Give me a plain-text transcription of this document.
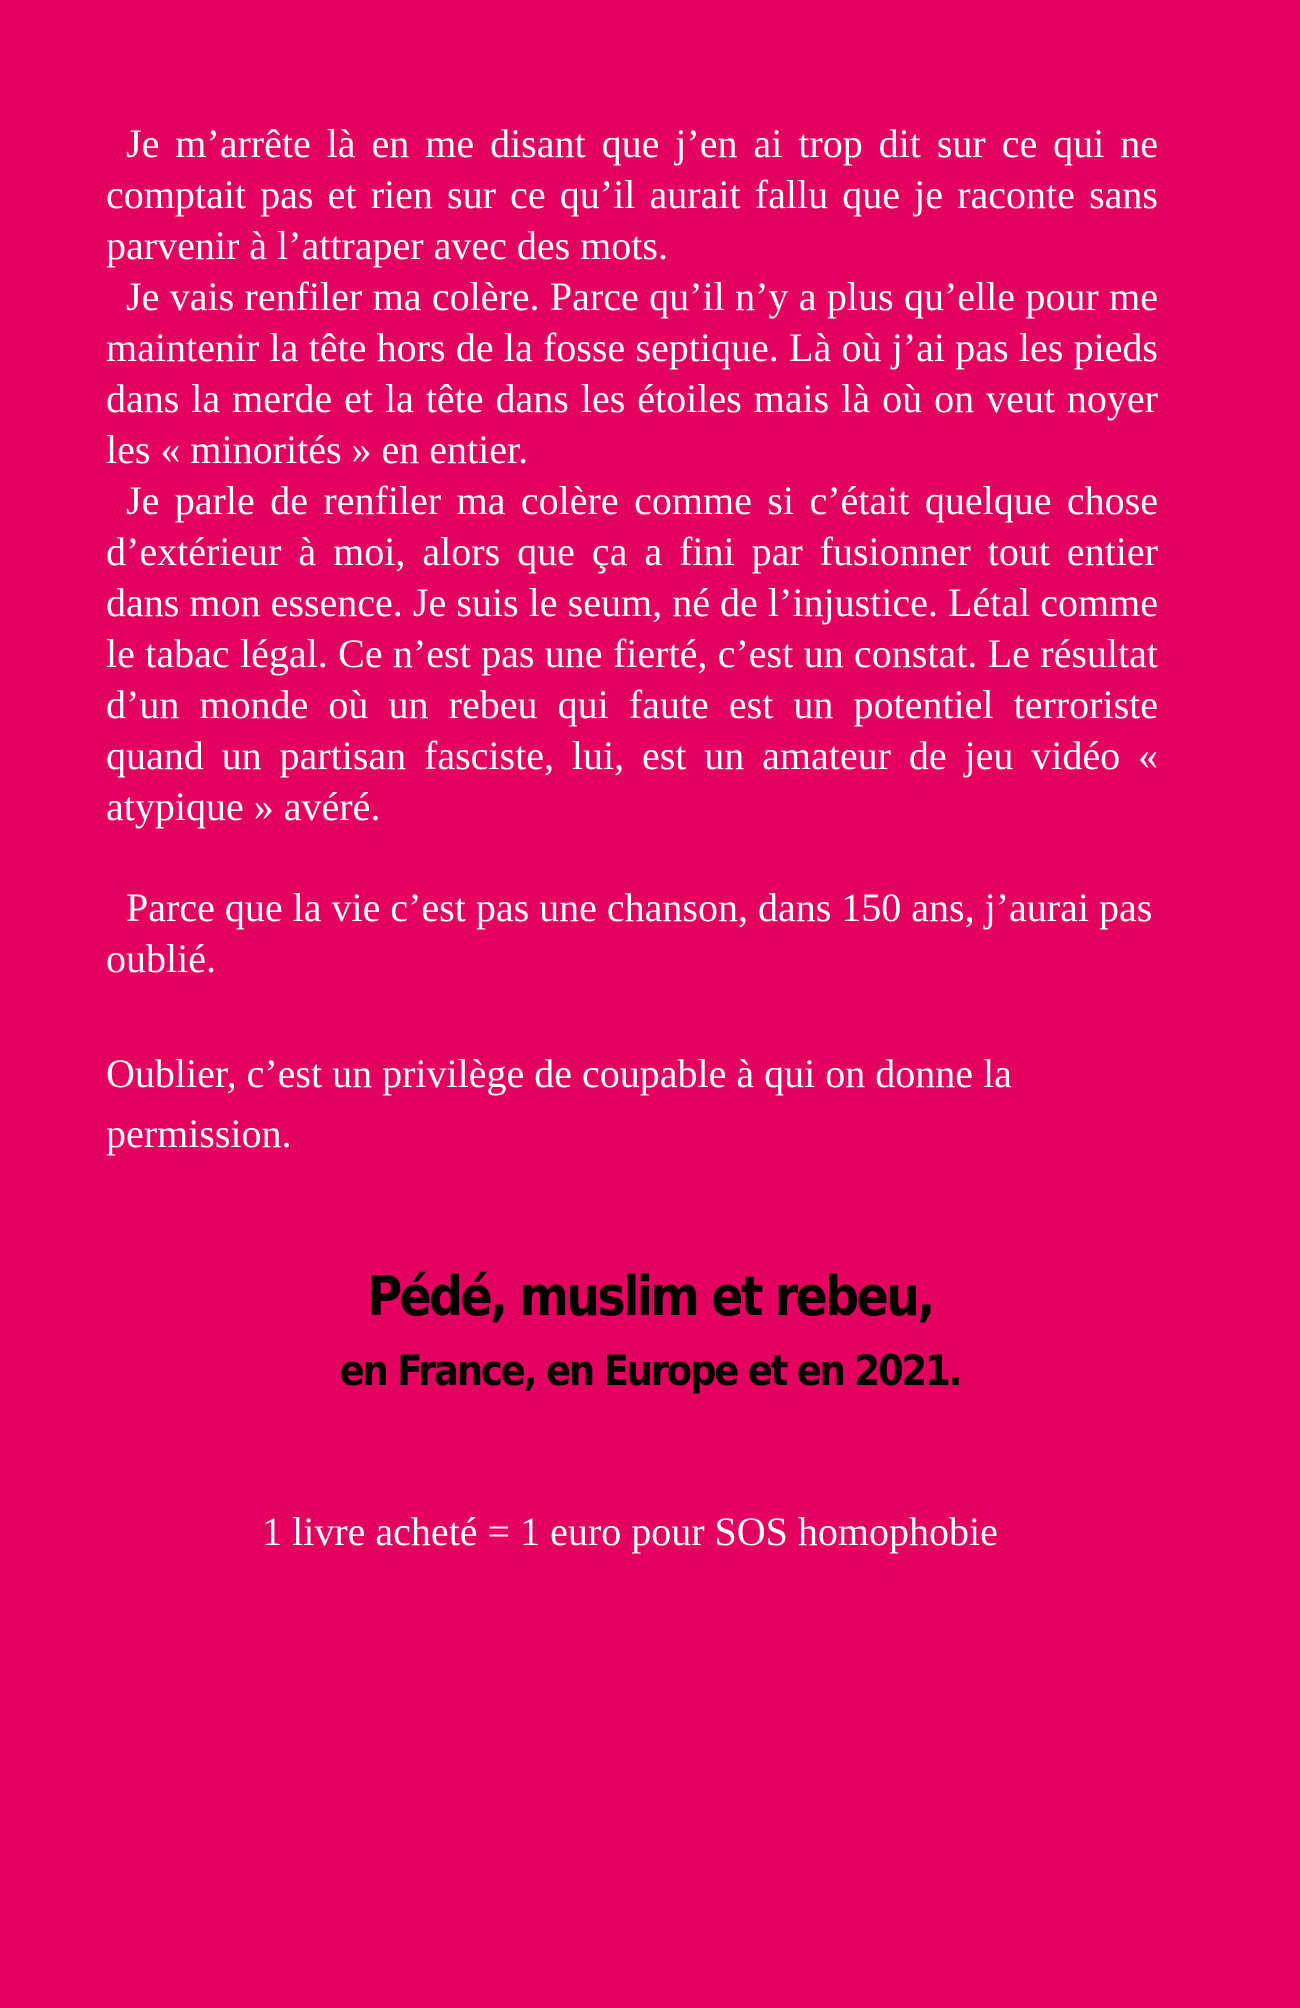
Je m’arrête là en me disant que j’en ai trop dit sur ce qui ne comptait pas et rien sur ce qu’il aurait fallu que je raconte sans parvenir à l’attraper avec des mots.

Je vais renfiler ma colère. Parce qu’il n’y a plus qu’elle pour me maintenir la tête hors de la fosse septique. Là où j’ai pas les pieds dans la merde et la tête dans les étoiles mais là où on veut noyer les « minorités » en entier.

Je parle de renfiler ma colère comme si c’était quelque chose d’extérieur à moi, alors que ça a fini par fusionner tout entier dans mon essence. Je suis le seum, né de l’injustice. Létal comme le tabac légal. Ce n’est pas une fierté, c’est un constat. Le résultat d’un monde où un rebeu qui faute est un potentiel terroriste quand un partisan fasciste, lui, est un amateur de jeu vidéo « atypique » avéré.

Parce que la vie c’est pas une chanson, dans 150 ans, j’aurai pas oublié.

Oublier, c’est un privilège de coupable à qui on donne la permission.

Pédé, muslim et rebeu,
en France, en Europe et en 2021.
1 livre acheté = 1 euro pour SOS homophobie
